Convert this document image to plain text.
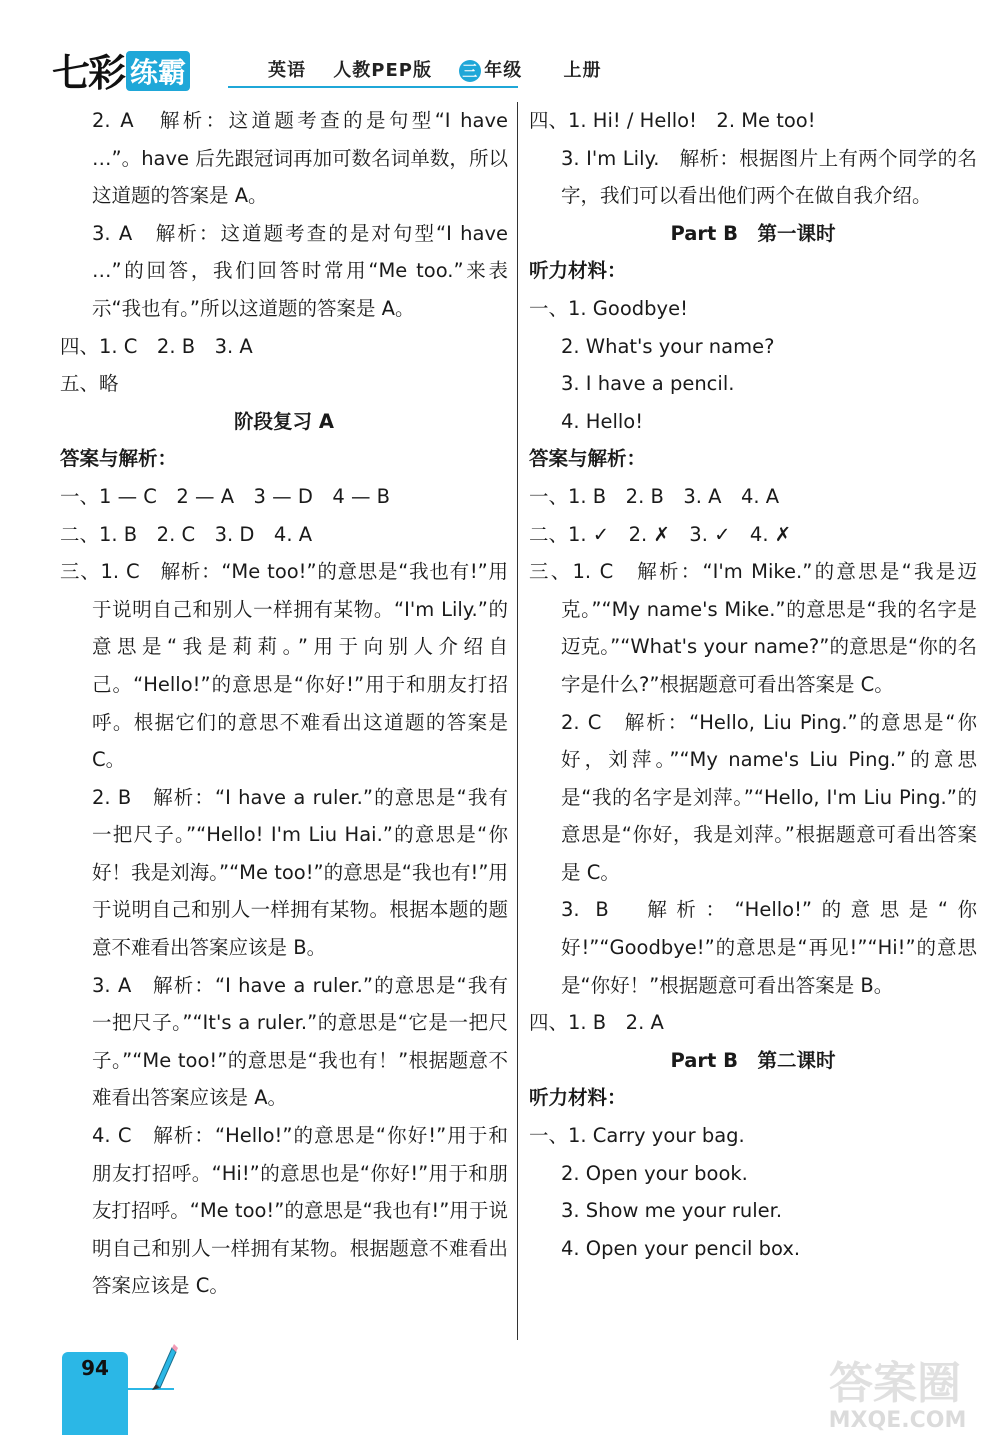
七彩 练霸	英语 人教PEP版 三 年级 上册

2. A　解析：这道题考查的是句型“I have …”。have 后先跟冠词再加可数名词单数，所以这道题的答案是 A。

3. A　解析：这道题考查的是对句型“I have …”的回答，我们回答时常用“Me too.”来表示“我也有。”所以这道题的答案是 A。

四、1. C　2. B　3. A

五、略

阶段复习 A

答案与解析：

一、1 — C　2 — A　3 — D　4 — B

二、1. B　2. C　3. D　4. A

三、1. C　解析：“Me too!”的意思是“我也有!”用于说明自己和别人一样拥有某物。“I'm Lily.”的意思是“我是莉莉。”用于向别人介绍自己。“Hello!”的意思是“你好!”用于和朋友打招呼。根据它们的意思不难看出这道题的答案是 C。

2. B　解析：“I have a ruler.”的意思是“我有一把尺子。”“Hello! I'm Liu Hai.”的意思是“你好！我是刘海。”“Me too!”的意思是“我也有!”用于说明自己和别人一样拥有某物。根据本题的题意不难看出答案应该是 B。

3. A　解析：“I have a ruler.”的意思是“我有一把尺子。”“It's a ruler.”的意思是“它是一把尺子。”“Me too!”的意思是“我也有！”根据题意不难看出答案应该是 A。

4. C　解析：“Hello!”的意思是“你好!”用于和朋友打招呼。“Hi!”的意思也是“你好!”用于和朋友打招呼。“Me too!”的意思是“我也有!”用于说明自己和别人一样拥有某物。根据题意不难看出答案应该是 C。

四、1. Hi! / Hello!　2. Me too!

3. I'm Lily.　解析：根据图片上有两个同学的名字，我们可以看出他们两个在做自我介绍。

Part B　第一课时

听力材料：

一、1. Goodbye!

2. What's your name?

3. I have a pencil.

4. Hello!

答案与解析：

一、1. B　2. B　3. A　4. A

二、1. ✓　2. ✗　3. ✓　4. ✗

三、1. C　解析：“I'm Mike.”的意思是“我是迈克。”“My name's Mike.”的意思是“我的名字是迈克。”“What's your name?”的意思是“你的名字是什么?”根据题意可看出答案是 C。

2. C　解析：“Hello, Liu Ping.”的意思是“你好，刘萍。”“My name's Liu Ping.”的意思是“我的名字是刘萍。”“Hello, I'm Liu Ping.”的意思是“你好，我是刘萍。”根据题意可看出答案是 C。

3. B　解析：“Hello!”的意思是“你好!”“Goodbye!”的意思是“再见!”“Hi!”的意思是“你好！”根据题意可看出答案是 B。

四、1. B　2. A

Part B　第二课时

听力材料：

一、1. Carry your bag.

2. Open your book.

3. Show me your ruler.

4. Open your pencil box.

94	答案圈
MXQE.COM
